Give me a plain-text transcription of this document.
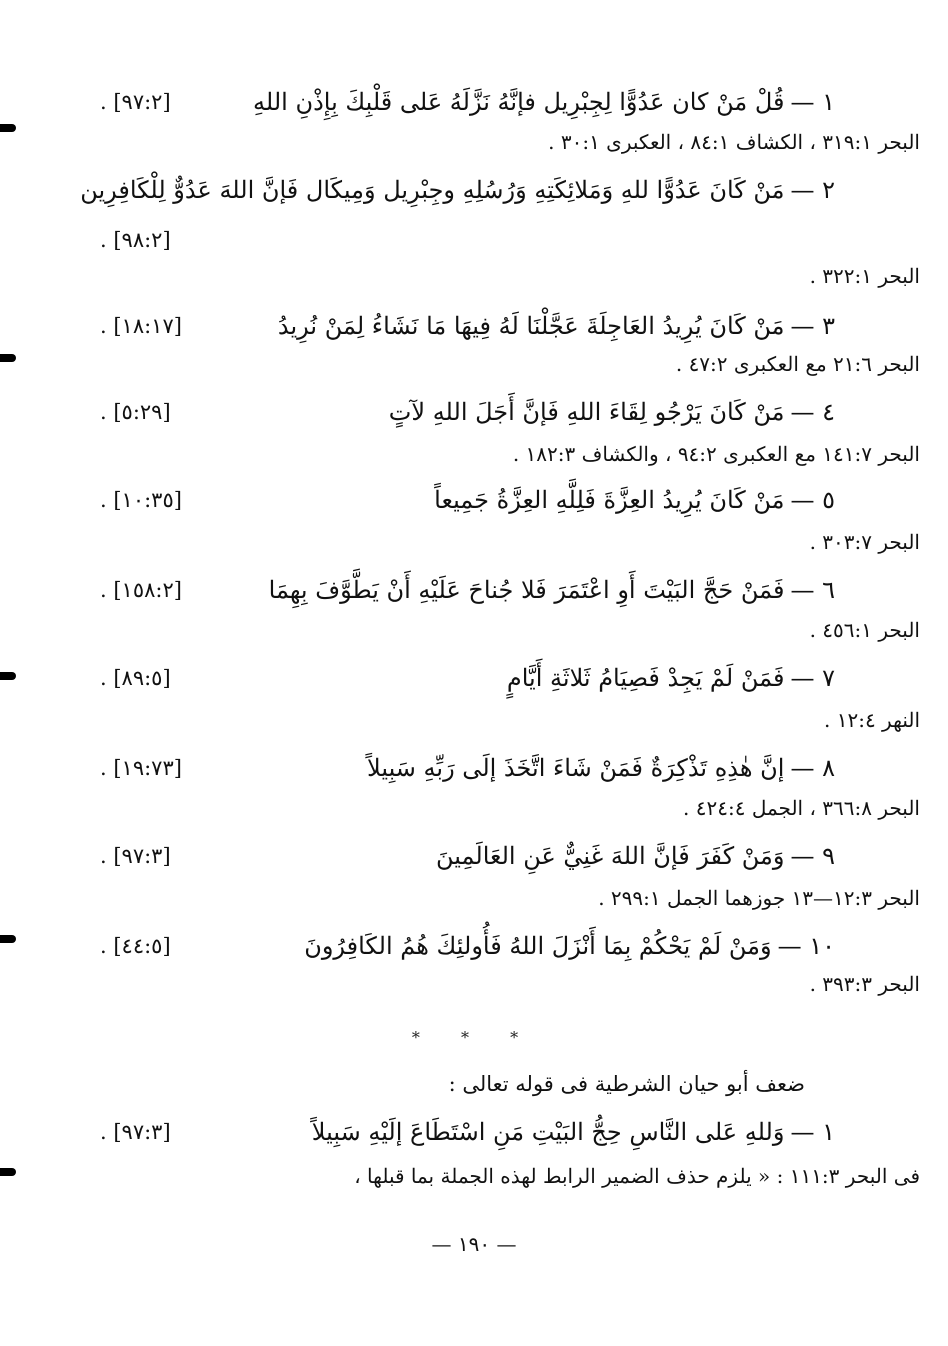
١ —قُلْ مَنْ كان عَدُوًّا لِجِبْرِيل فإنَّهُ نَزَّلَهُ عَلى قَلْبِكَ بِإِذْنِ اللهِ
. [٩٧:٢]
البحر ٣١٩:١ ، الكشاف ٨٤:١ ، العكبرى ٣٠:١ .
٢ —مَنْ كَانَ عَدُوًّا للهِ وَمَلائِكَتِهِ وَرُسُلِهِ وجِبْرِيل وَمِيكَال فَإنَّ اللهَ عَدُوٌّ لِلْكَافِرِين
. [٩٨:٢]
البحر ٣٢٢:١ .
٣ —مَنْ كَانَ يُرِيدُ العَاجِلَةَ عَجَّلْنَا لَهُ فِيهَا مَا نَشَاءُ لِمَنْ نُرِيدُ
. [١٨:١٧]
البحر ٢١:٦ مع العكبرى ٤٧:٢ .
٤ —مَنْ كَانَ يَرْجُو لِقَاءَ اللهِ فَإنَّ أَجَلَ اللهِ لآتٍ
. [٥:٢٩]
البحر ١٤١:٧ مع العكبرى ٩٤:٢ ، والكشاف ١٨٢:٣ .
٥ —مَنْ كَانَ يُرِيدُ العِزَّةَ فَلِلَّهِ العِزَّةُ جَمِيعاً
. [١٠:٣٥]
البحر ٣٠٣:٧ .
٦ —فَمَنْ حَجَّ البَيْتَ أَوِ اعْتَمَرَ فَلا جُناحَ عَلَيْهِ أَنْ يَطَّوَّفَ بِهِمَا
. [١٥٨:٢]
البحر ٤٥٦:١ .
٧ —فَمَنْ لَمْ يَجِدْ فَصِيَامُ ثَلاثَةِ أَيَّامٍ
. [٨٩:٥]
النهر ١٢:٤ .
٨ —إنَّ هٰذِهِ تَذْكِرَةٌ فَمَنْ شَاءَ اتَّخَذَ إلَى رَبِّهِ سَبِيلاً
. [١٩:٧٣]
البحر ٣٦٦:٨ ، الجمل ٤٢٤:٤ .
٩ —وَمَنْ كَفَرَ فَإنَّ اللهَ غَنِيٌّ عَنِ العَالَمِينَ
. [٩٧:٣]
البحر ١٢:٣—١٣ جوزهما الجمل ٢٩٩:١ .
١٠ —وَمَنْ لَمْ يَحْكُمْ بِمَا أَنْزَلَ اللهُ فَأُولئِكَ هُمُ الكَافِرُونَ
. [٤٤:٥]
البحر ٣٩٣:٣ .
* * *
ضعف أبو حيان الشرطية فى قوله تعالى :
١ —وَللهِ عَلى النَّاسِ حِجُّ البَيْتِ مَنِ اسْتَطَاعَ إلَيْهِ سَبِيلاً
. [٩٧:٣]
فى البحر ١١١:٣ : « يلزم حذف الضمير الرابط لهذه الجملة بما قبلها ،
— ١٩٠ —
